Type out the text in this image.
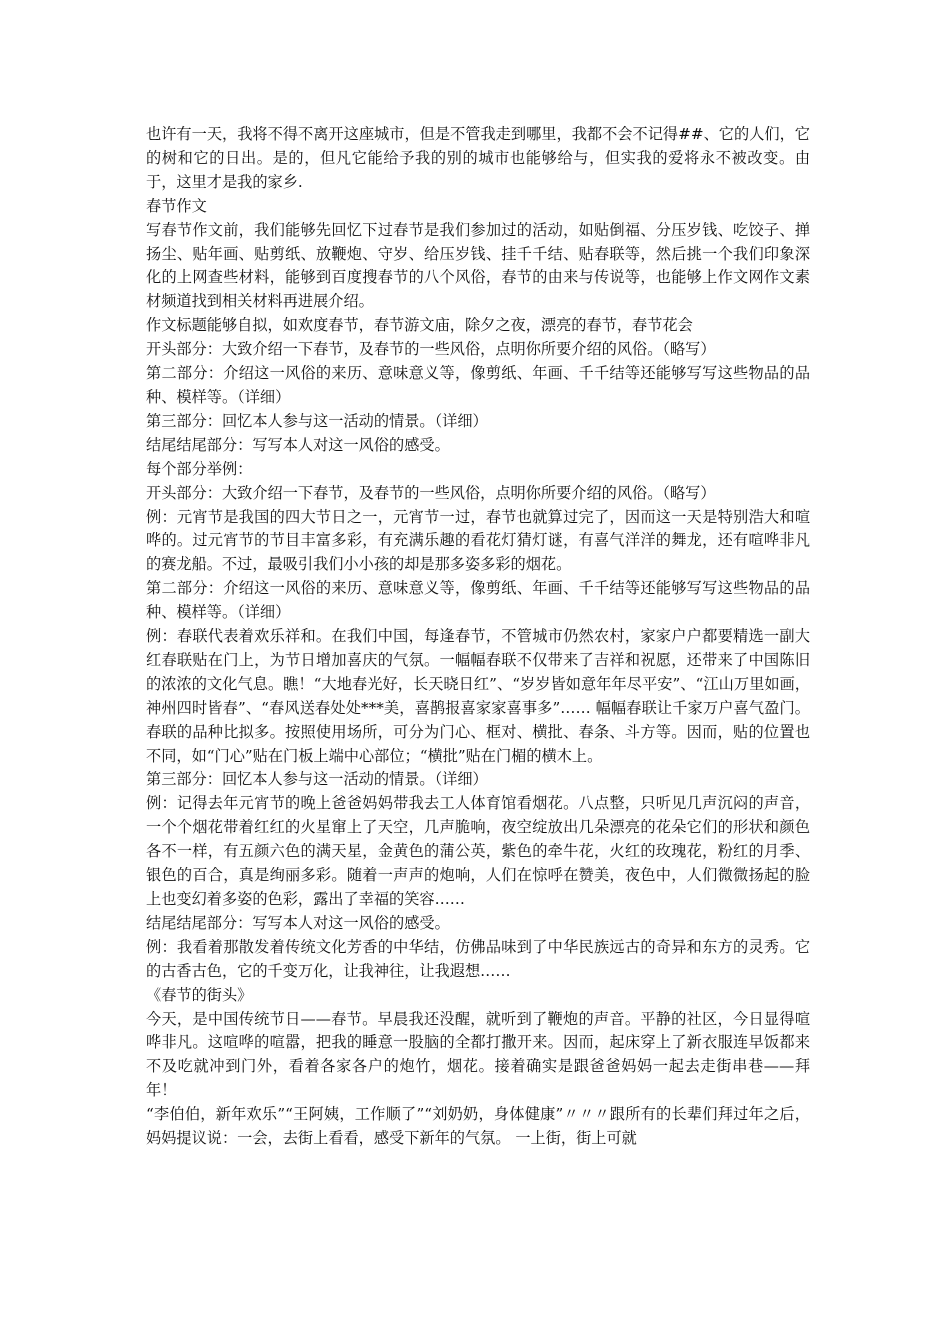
也许有一天，我将不得不离开这座城市，但是不管我走到哪里，我都不会不记得##、它的人们，它的树和它的日出。是的，但凡它能给予我的别的城市也能够给与，但实我的爱将永不被改变。由于，这里才是我的家乡.

春节作文

写春节作文前，我们能够先回忆下过春节是我们参加过的活动，如贴倒福、分压岁钱、吃饺子、掸扬尘、贴年画、贴剪纸、放鞭炮、守岁、给压岁钱、挂千千结、贴春联等，然后挑一个我们印象深化的上网查些材料，能够到百度搜春节的八个风俗，春节的由来与传说等，也能够上作文网作文素材频道找到相关材料再进展介绍。

作文标题能够自拟，如欢度春节，春节游文庙，除夕之夜，漂亮的春节，春节花会

开头部分：大致介绍一下春节，及春节的一些风俗，点明你所要介绍的风俗。（略写）

第二部分：介绍这一风俗的来历、意味意义等，像剪纸、年画、千千结等还能够写写这些物品的品种、模样等。（详细）

第三部分：回忆本人参与这一活动的情景。（详细）

结尾结尾部分：写写本人对这一风俗的感受。

每个部分举例：

开头部分：大致介绍一下春节，及春节的一些风俗，点明你所要介绍的风俗。（略写）

例：元宵节是我国的四大节日之一，元宵节一过，春节也就算过完了，因而这一天是特别浩大和喧哗的。过元宵节的节目丰富多彩，有充满乐趣的看花灯猜灯谜，有喜气洋洋的舞龙，还有喧哗非凡的赛龙船。不过，最吸引我们小小孩的却是那多姿多彩的烟花。

第二部分：介绍这一风俗的来历、意味意义等，像剪纸、年画、千千结等还能够写写这些物品的品种、模样等。（详细）

例：春联代表着欢乐祥和。在我们中国，每逢春节，不管城市仍然农村，家家户户都要精选一副大红春联贴在门上，为节日增加喜庆的气氛。一幅幅春联不仅带来了吉祥和祝愿，还带来了中国陈旧的浓浓的文化气息。瞧！“大地春光好，长天晓日红”、“岁岁皆如意年年尽平安”、“江山万里如画，神州四时皆春”、“春风送春处处***美，喜鹊报喜家家喜事多”…… 幅幅春联让千家万户喜气盈门。春联的品种比拟多。按照使用场所，可分为门心、框对、横批、春条、斗方等。因而，贴的位置也不同，如“门心”贴在门板上端中心部位；“横批”贴在门楣的横木上。

第三部分：回忆本人参与这一活动的情景。（详细）

例：记得去年元宵节的晚上爸爸妈妈带我去工人体育馆看烟花。八点整，只听见几声沉闷的声音，一个个烟花带着红红的火星窜上了天空，几声脆响，夜空绽放出几朵漂亮的花朵它们的形状和颜色各不一样，有五颜六色的满天星，金黄色的蒲公英，紫色的牵牛花，火红的玫瑰花，粉红的月季、银色的百合，真是绚丽多彩。随着一声声的炮响，人们在惊呼在赞美，夜色中，人们微微扬起的脸上也变幻着多姿的色彩，露出了幸福的笑容……

结尾结尾部分：写写本人对这一风俗的感受。

例：我看着那散发着传统文化芳香的中华结，仿佛品味到了中华民族远古的奇异和东方的灵秀。它的古香古色，它的千变万化，让我神往，让我遐想……

《春节的街头》

今天，是中国传统节日——春节。早晨我还没醒，就听到了鞭炮的声音。平静的社区，今日显得喧哗非凡。这喧哗的喧嚣，把我的睡意一股脑的全都打撒开来。因而，起床穿上了新衣服连早饭都来不及吃就冲到门外，看着各家各户的炮竹，烟花。接着确实是跟爸爸妈妈一起去走街串巷——拜年！

“李伯伯，新年欢乐”“王阿姨，工作顺了”“刘奶奶，身体健康”〃〃〃跟所有的长辈们拜过年之后，妈妈提议说：一会，去街上看看，感受下新年的气氛。 一上街，街上可就
